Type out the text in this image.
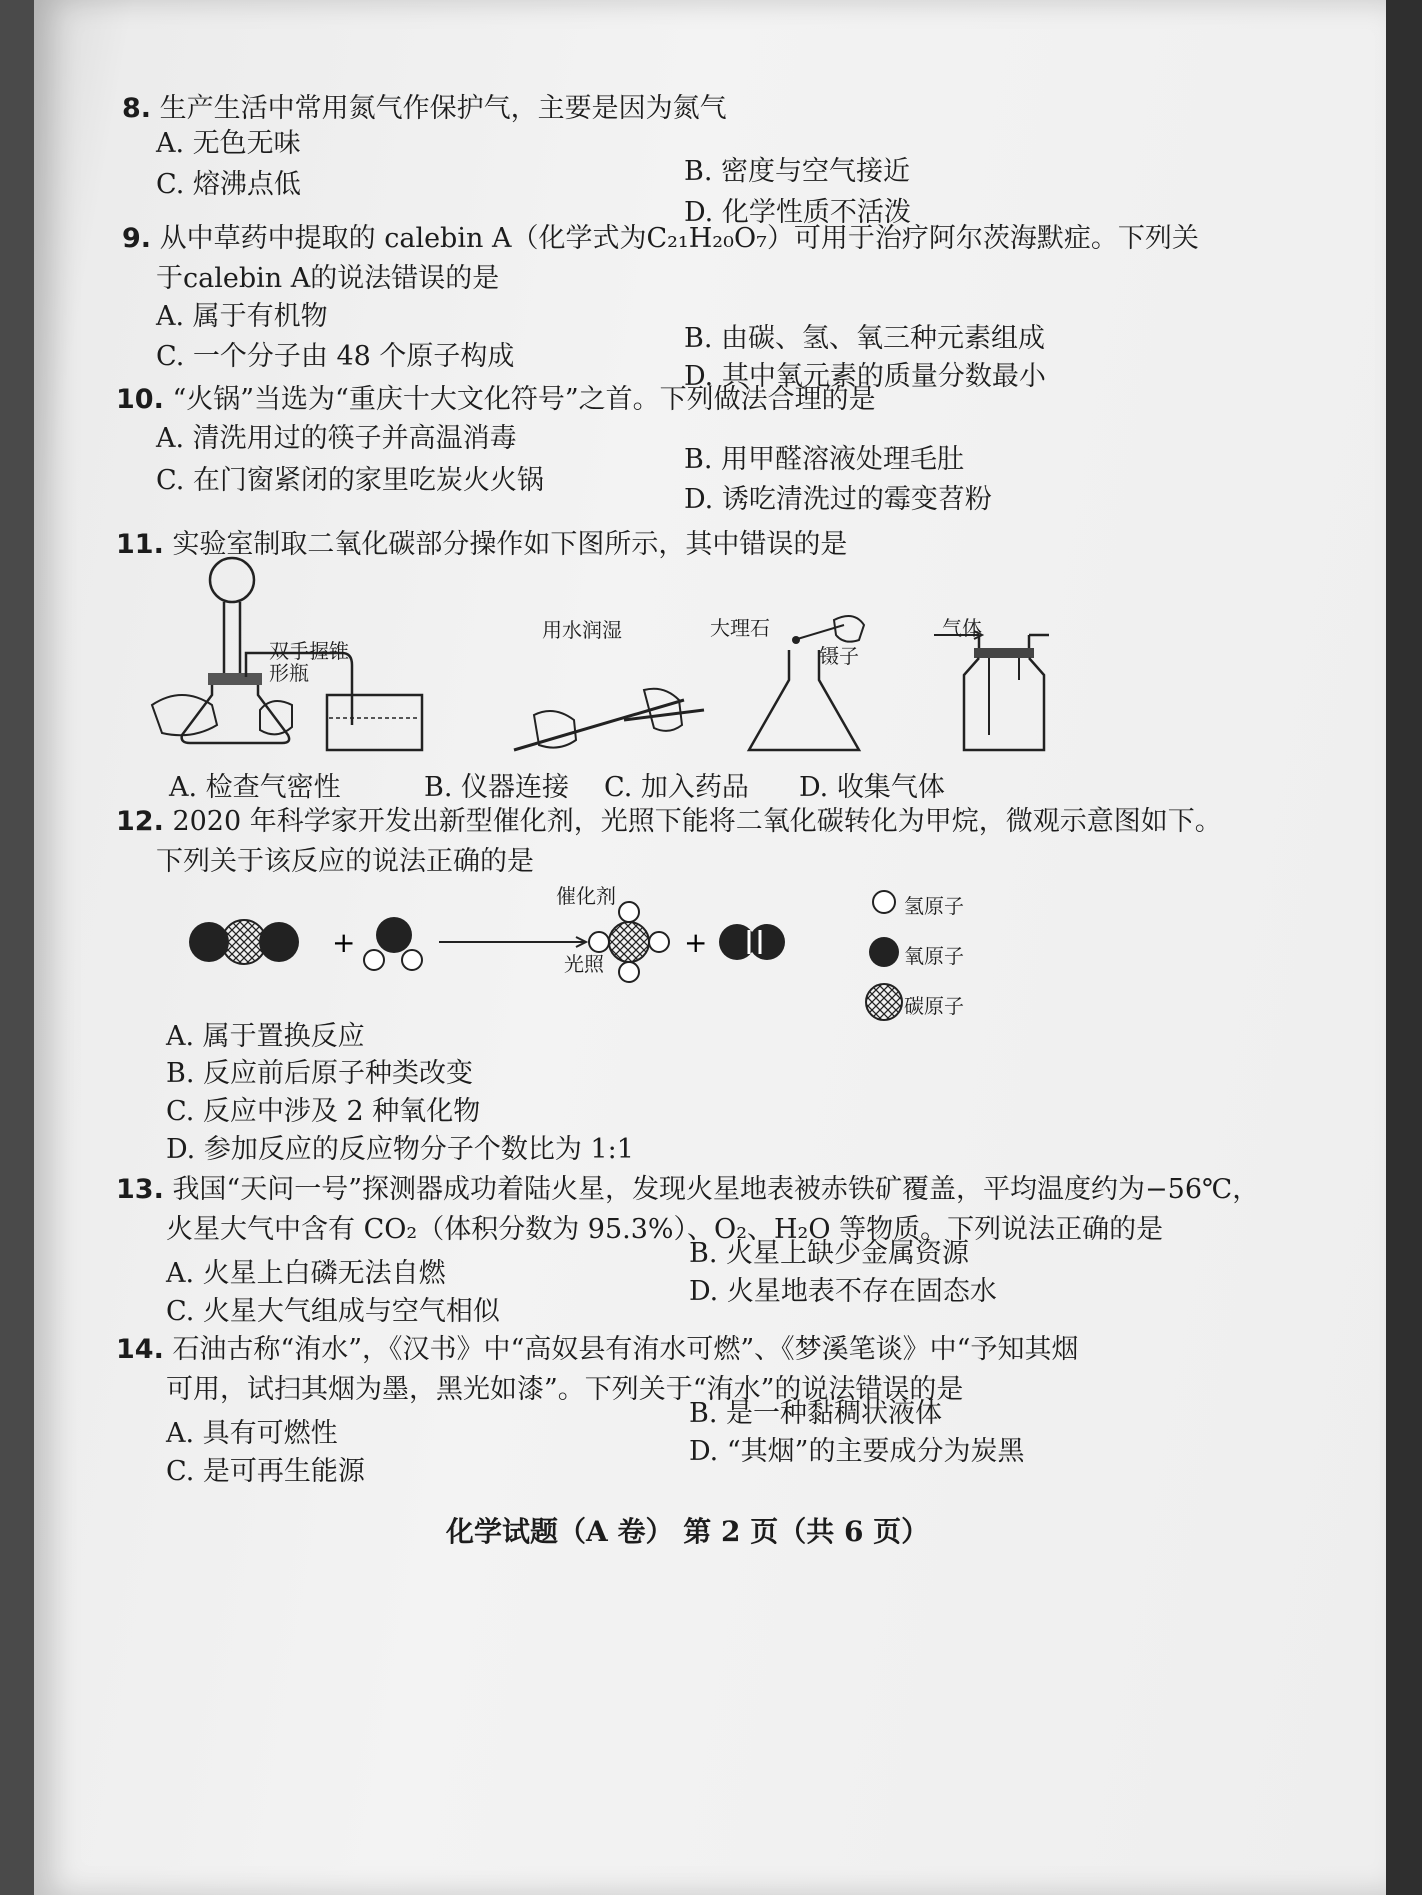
8. 生产生活中常用氮气作保护气，主要是因为氮气
A. 无色无味
B. 密度与空气接近
C. 熔沸点低
D. 化学性质不活泼
9. 从中草药中提取的 calebin A（化学式为C₂₁H₂₀O₇）可用于治疗阿尔茨海默症。下列关
于calebin A的说法错误的是
A. 属于有机物
B. 由碳、氢、氧三种元素组成
C. 一个分子由 48 个原子构成
D. 其中氧元素的质量分数最小
10. “火锅”当选为“重庆十大文化符号”之首。下列做法合理的是
A. 清洗用过的筷子并高温消毒
B. 用甲醛溶液处理毛肚
C. 在门窗紧闭的家里吃炭火火锅
D. 诱吃清洗过的霉变苕粉
11. 实验室制取二氧化碳部分操作如下图所示，其中错误的是
双手握锥形瓶
用水润湿	大理石
镊子
气体
A. 检查气密性	B. 仪器连接 C. 加入药品 D. 收集气体
12. 2020 年科学家开发出新型催化剂，光照下能将二氧化碳转化为甲烷，微观示意图如下。
下列关于该反应的说法正确的是
+	+
催化剂
光照
氢原子
氧原子
碳原子
A. 属于置换反应
B. 反应前后原子种类改变
C. 反应中涉及 2 种氧化物
D. 参加反应的反应物分子个数比为 1:1
13. 我国“天问一号”探测器成功着陆火星，发现火星地表被赤铁矿覆盖，平均温度约为−56℃，
火星大气中含有 CO₂（体积分数为 95.3%）、O₂、H₂O 等物质。下列说法正确的是
A. 火星上白磷无法自燃
B. 火星上缺少金属资源
C. 火星大气组成与空气相似
D. 火星地表不存在固态水
14. 石油古称“洧水”，《汉书》中“高奴县有洧水可燃”、《梦溪笔谈》中“予知其烟
可用，试扫其烟为墨，黑光如漆”。下列关于“洧水”的说法错误的是
A. 具有可燃性
B. 是一种黏稠状液体
C. 是可再生能源
D. “其烟”的主要成分为炭黑
化学试题（A 卷） 第 2 页（共 6 页）
